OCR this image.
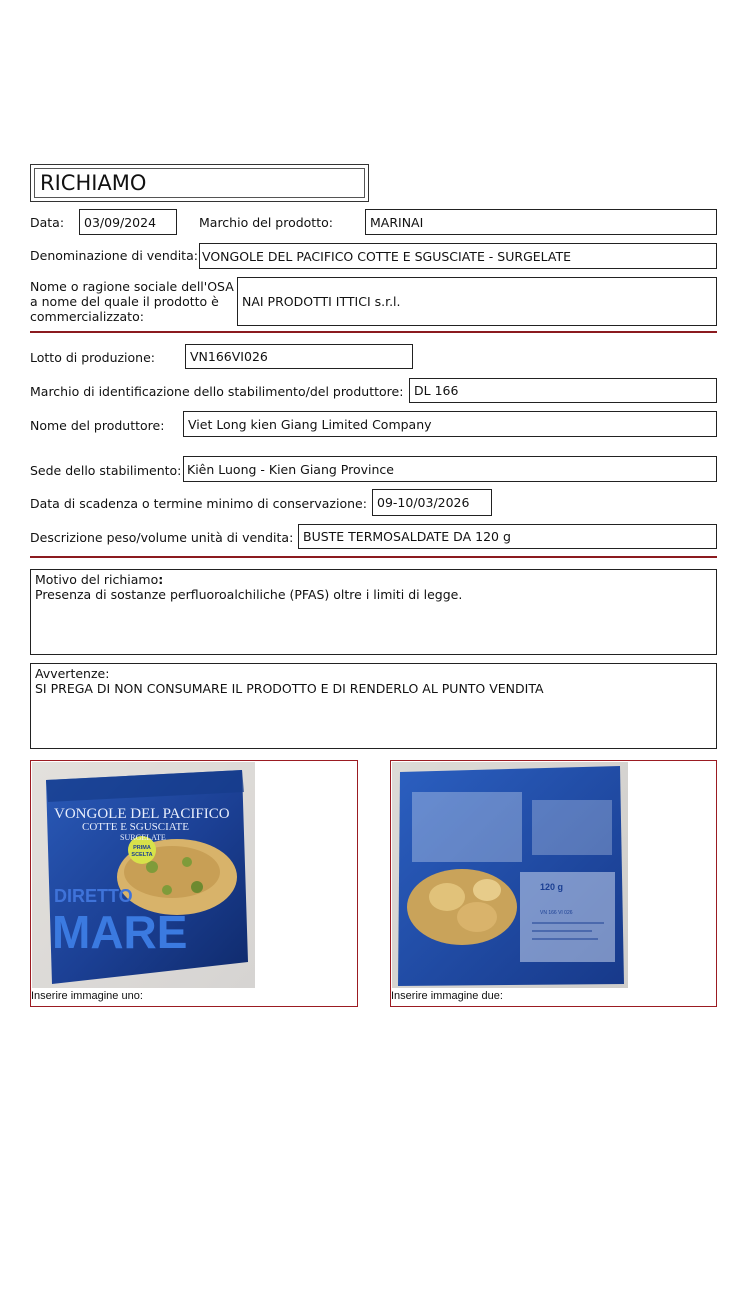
RICHIAMO
Data:	03/09/2024	Marchio del prodotto:	MARINAI
Denominazione di vendita: VONGOLE DEL PACIFICO COTTE E SGUSCIATE - SURGELATE
Nome o ragione sociale dell'OSA
a nome del quale il prodotto è
commercializzato:
NAI PRODOTTI ITTICI s.r.l.
Lotto di produzione:	VN166VI026
Marchio di identificazione dello stabilimento/del produttore: DL 166
Nome del produttore:	Viet Long kien Giang Limited Company
Sede dello stabilimento: Kiên Luong - Kien Giang Province
Data di scadenza o termine minimo di conservazione: 09-10/03/2026
Descrizione peso/volume unità di vendita: BUSTE TERMOSALDATE DA 120 g
Motivo del richiamo:
Presenza di sostanze perfluoroalchiliche (PFAS) oltre i limiti di legge.
Avvertenze:
SI PREGA DI NON CONSUMARE IL PRODOTTO E DI RENDERLO AL PUNTO VENDITA
PRIMA
SCELTA
VONGOLE DEL PACIFICO
COTTE E SGUSCIATE
SURGELATE
DIRETTO
MARE
Inserire immagine uno:
120 g
VN 166 VI 026
Inserire immagine due:
